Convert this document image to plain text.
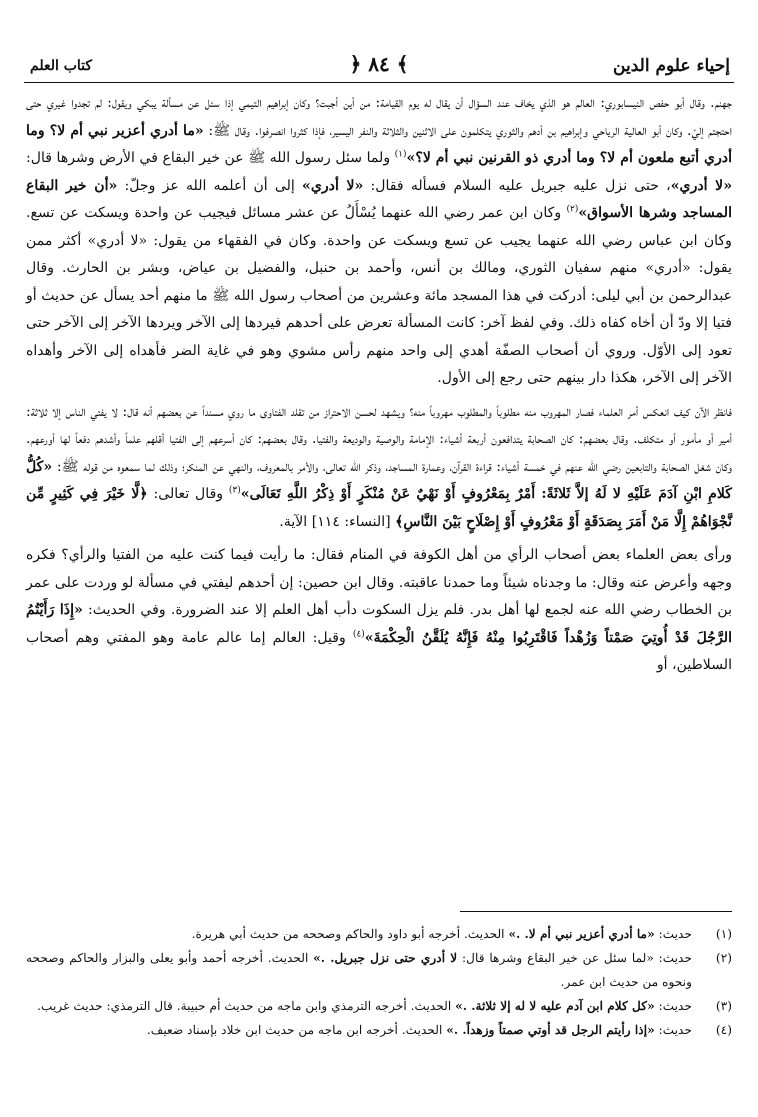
إحياء علوم الدين
﴿ ٨٤ ﴾
كتاب العلم

جهنم. وقال أبو حفص النيسابوري: العالم هو الذي يخاف عند السؤال أن يقال له يوم القيامة: من أين أجبت؟ وكان إبراهيم التيمي إذا سئل عن مسألة يبكي ويقول: لم تجدوا غيري حتى احتجتم إليّ. وكان أبو العالية الرياحي وإبراهيم بن أدهم والثوري يتكلمون على الاثنين والثلاثة والنفر اليسير، فإذا كثروا انصرفوا. وقال ﷺ: «ما أدري أعزير نبي أم لا؟ وما أدري أتبع ملعون أم لا؟ وما أدري ذو القرنين نبي أم لا؟»$^{(١)}$ ولما سئل رسول الله ﷺ عن خير البقاع في الأرض وشرها قال: «لا أدري»، حتى نزل عليه جبريل عليه السلام فسأله فقال: «لا أدري» إلى أن أعلمه الله عز وجلّ: «أن خير البقاع المساجد وشرها الأسواق»$^{(٢)}$ وكان ابن عمر رضي الله عنهما يُسْأَلُ عن عشر مسائل فيجيب عن واحدة ويسكت عن تسع. وكان ابن عباس رضي الله عنهما يجيب عن تسع ويسكت عن واحدة. وكان في الفقهاء من يقول: «لا أدري» أكثر ممن يقول: «أدري» منهم سفيان الثوري، ومالك بن أنس، وأحمد بن حنبل، والفضيل بن عياض، وبشر بن الحارث. وقال عبدالرحمن بن أبي ليلى: أدركت في هذا المسجد مائة وعشرين من أصحاب رسول الله ﷺ ما منهم أحد يسأل عن حديث أو فتيا إلا ودّ أن أخاه كفاه ذلك. وفي لفظ آخر: كانت المسألة تعرض على أحدهم فيردها إلى الآخر ويردها الآخر إلى الآخر حتى تعود إلى الأوّل. وروي أن أصحاب الصفّة أهدي إلى واحد منهم رأس مشوي وهو في غاية الضر فأهداه إلى الآخر وأهداه الآخر إلى الآخر، هكذا دار بينهم حتى رجع إلى الأول.

فانظر الآن كيف انعكس أمر العلماء فصار المهروب منه مطلوباً والمطلوب مهروباً منه؟ ويشهد لحسن الاحتراز من تقلد الفتاوى ما روي مسنداً عن بعضهم أنه قال: لا يفتي الناس إلا ثلاثة: أمير أو مأمور أو متكلف. وقال بعضهم: كان الصحابة يتدافعون أربعة أشياء: الإمامة والوصية والوديعة والفتيا. وقال بعضهم: كان أسرعهم إلى الفتيا أقلهم علماً وأشدهم دفعاً لها أورعهم. وكان شغل الصحابة والتابعين رضي الله عنهم في خمسة أشياء: قراءة القرآن، وعمارة المساجد، وذكر الله تعالى، والأمر بالمعروف، والنهي عن المنكر؛ وذلك لما سمعوه من قوله ﷺ: «كُلُّ كَلامِ ابْنِ آدَمَ عَلَيْهِ لا لَهُ إلاَّ ثَلاثَةً: أَمْرٌ بِمَعْرُوفٍ أَوْ نَهْيٌ عَنْ مُنْكَرٍ أَوْ ذِكْرُ اللَّهِ تَعَالَى»$^{(٣)}$ وقال تعالى: ﴿لَّا خَيْرَ فِي كَثِيرٍ مِّن نَّجْوَاهُمْ إِلَّا مَنْ أَمَرَ بِصَدَقَةٍ أَوْ مَعْرُوفٍ أَوْ إِصْلَاحٍ بَيْنَ النَّاسِ﴾ [النساء: ١١٤] الآية.

ورأى بعض العلماء بعض أصحاب الرأي من أهل الكوفة في المنام فقال: ما رأيت فيما كنت عليه من الفتيا والرأي؟ فكره وجهه وأعرض عنه وقال: ما وجدناه شيئاً وما حمدنا عاقبته. وقال ابن حصين: إن أحدهم ليفتي في مسألة لو وردت على عمر بن الخطاب رضي الله عنه لجمع لها أهل بدر. فلم يزل السكوت دأب أهل العلم إلا عند الضرورة. وفي الحديث: «إِذَا رَأَيْتُمُ الرَّجُلَ قَدْ أُوتِيَ صَمْتاً وَزُهْداً فَاقْتَرِبُوا مِنْهُ فَإِنَّهُ يُلَقَّنُ الْحِكْمَةَ»$^{(٤)}$ وقيل: العالم إما عالم عامة وهو المفتي وهم أصحاب السلاطين، أو

(١)
حديث: «ما أدري أعزير نبي أم لا. .» الحديث. أخرجه أبو داود والحاكم وصححه من حديث أبي هريرة.
(٢)
حديث: «لما سئل عن خير البقاع وشرها قال: لا أدري حتى نزل جبريل. .» الحديث. أخرجه أحمد وأبو يعلى والبزار والحاكم وصححه ونحوه من حديث ابن عمر.
(٣)
حديث: «كل كلام ابن آدم عليه لا له إلا ثلاثة. .» الحديث. أخرجه الترمذي وابن ماجه من حديث أم حبيبة. قال الترمذي: حديث غريب.
(٤)
حديث: «إذا رأيتم الرجل قد أوتي صمتاً وزهداً. .» الحديث. أخرجه ابن ماجه من حديث ابن خلاد بإسناد ضعيف.
